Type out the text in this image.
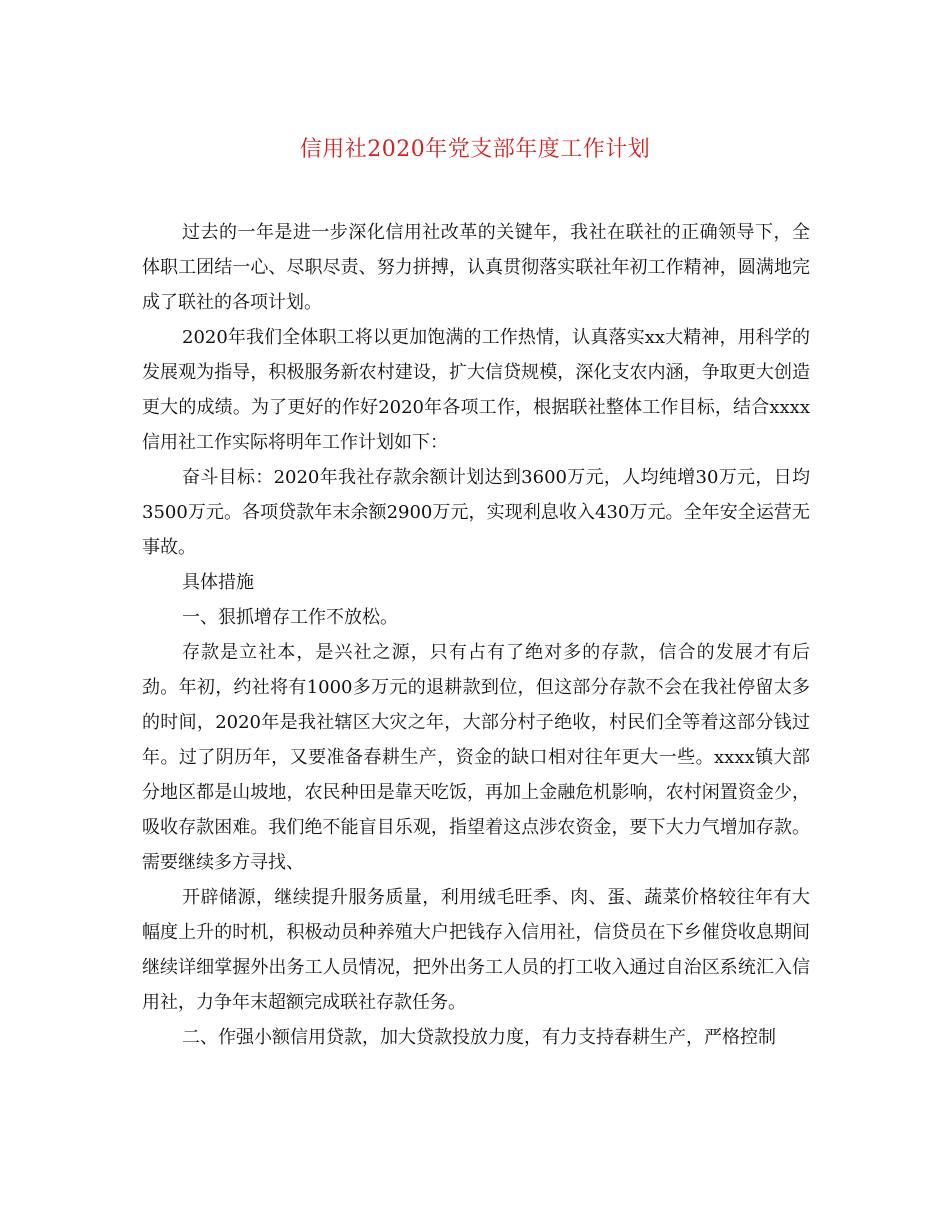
信用社2020年党支部年度工作计划

过去的一年是进一步深化信用社改革的关键年，我社在联社的正确领导下，全体职工团结一心、尽职尽责、努力拼搏，认真贯彻落实联社年初工作精神，圆满地完成了联社的各项计划。

2020年我们全体职工将以更加饱满的工作热情，认真落实xx大精神，用科学的发展观为指导，积极服务新农村建设，扩大信贷规模，深化支农内涵，争取更大创造更大的成绩。为了更好的作好2020年各项工作，根据联社整体工作目标，结合xxxx信用社工作实际将明年工作计划如下：

奋斗目标：2020年我社存款余额计划达到3600万元，人均纯增30万元，日均3500万元。各项贷款年末余额2900万元，实现利息收入430万元。全年安全运营无事故。

具体措施

一、狠抓增存工作不放松。

存款是立社本，是兴社之源，只有占有了绝对多的存款，信合的发展才有后劲。年初，约社将有1000多万元的退耕款到位，但这部分存款不会在我社停留太多的时间，2020年是我社辖区大灾之年，大部分村子绝收，村民们全等着这部分钱过年。过了阴历年，又要准备春耕生产，资金的缺口相对往年更大一些。xxxx镇大部分地区都是山坡地，农民种田是靠天吃饭，再加上金融危机影响，农村闲置资金少，吸收存款困难。我们绝不能盲目乐观，指望着这点涉农资金，要下大力气增加存款。需要继续多方寻找、

开辟储源，继续提升服务质量，利用绒毛旺季、肉、蛋、蔬菜价格较往年有大幅度上升的时机，积极动员种养殖大户把钱存入信用社，信贷员在下乡催贷收息期间继续详细掌握外出务工人员情况，把外出务工人员的打工收入通过自治区系统汇入信用社，力争年末超额完成联社存款任务。

二、作强小额信用贷款，加大贷款投放力度，有力支持春耕生产，严格控制
